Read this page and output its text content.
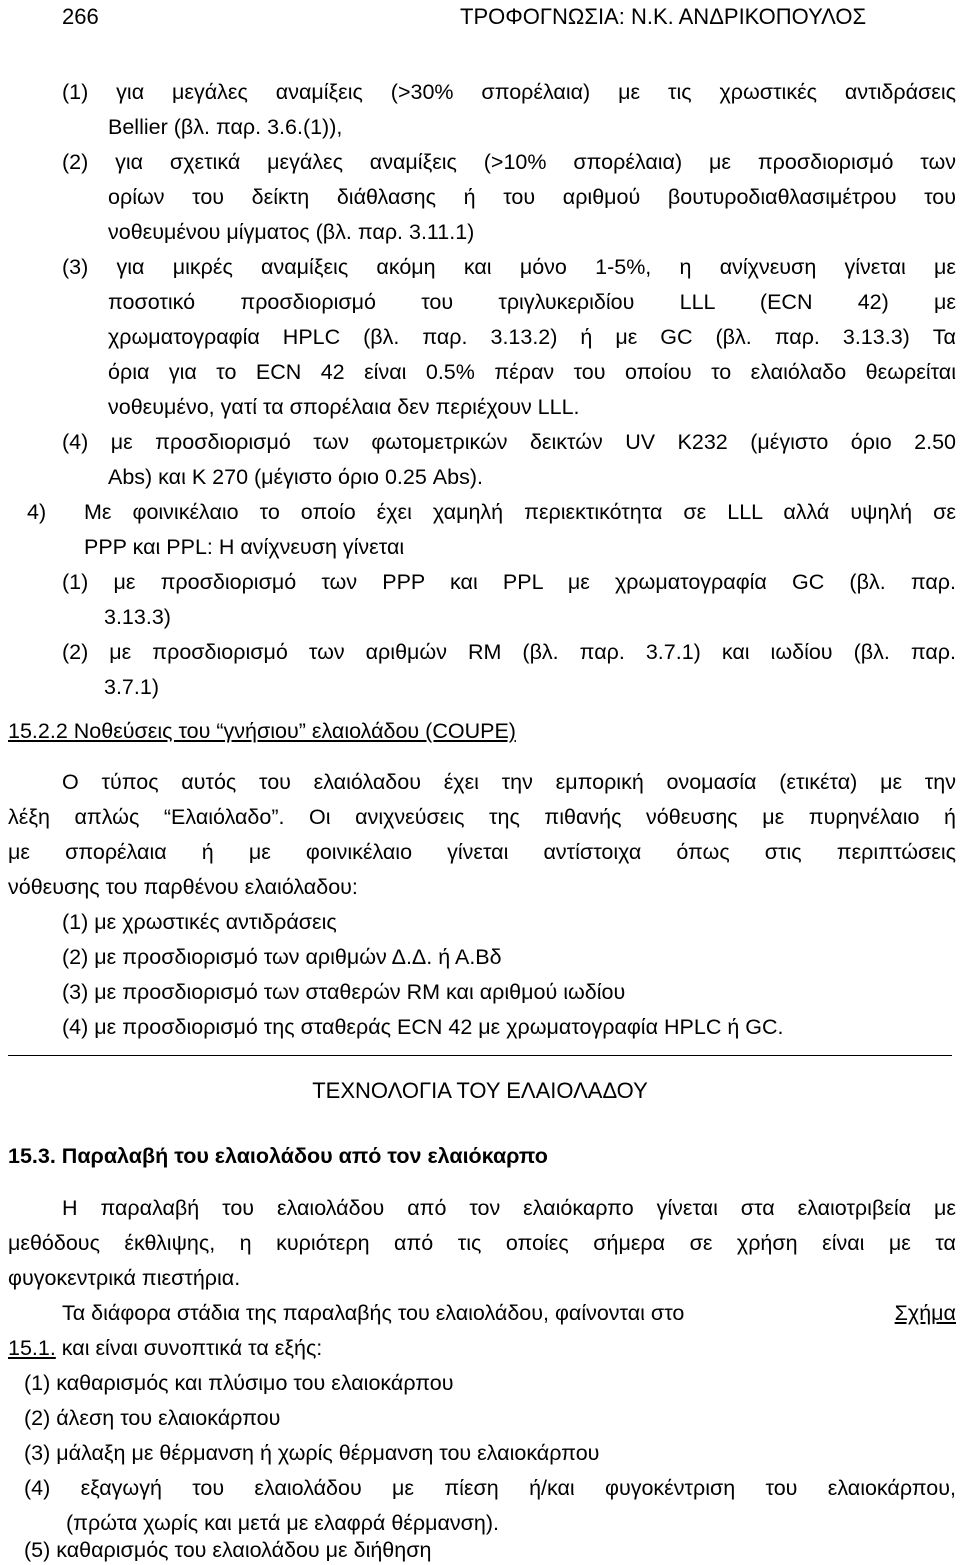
266	ΤΡΟΦΟΓΝΩΣΙΑ: Ν.Κ. ΑΝΔΡΙΚΟΠΟΥΛΟΣ
(1) για μεγάλες αναμίξεις (>30% σπορέλαια) με τις χρωστικές αντιδράσεις
Bellier (βλ. παρ. 3.6.(1)),
(2) για σχετικά μεγάλες αναμίξεις (>10% σπορέλαια) με προσδιορισμό των
ορίων του δείκτη διάθλασης ή του αριθμού βουτυροδιαθλασιμέτρου του
νοθευμένου μίγματος (βλ. παρ. 3.11.1)
(3) για μικρές αναμίξεις ακόμη και μόνο 1-5%, η ανίχνευση γίνεται με
ποσοτικό προσδιορισμό του τριγλυκεριδίου LLL (ECN 42) με
χρωματογραφία HPLC (βλ. παρ. 3.13.2) ή με GC (βλ. παρ. 3.13.3) Τα
όρια για το ECN 42 είναι 0.5% πέραν του οποίου το ελαιόλαδο θεωρείται
νοθευμένο, γατί τα σπορέλαια δεν περιέχουν LLL.
(4) με προσδιορισμό των φωτομετρικών δεικτών UV K232 (μέγιστο όριο 2.50
Abs) και K 270 (μέγιστο όριο 0.25 Abs).
4) Με φοινικέλαιο το οποίο έχει χαμηλή περιεκτικότητα σε LLL αλλά υψηλή σε
PPP και PPL: Η ανίχνευση γίνεται
(1) με προσδιορισμό των PPP και PPL με χρωματογραφία GC (βλ. παρ.
3.13.3)
(2) με προσδιορισμό των αριθμών RM (βλ. παρ. 3.7.1) και ιωδίου (βλ. παρ.
3.7.1)
15.2.2 Νοθεύσεις του “γνήσιου” ελαιολάδου (COUPE)
Ο τύπος αυτός του ελαιόλαδου έχει την εμπορική ονομασία (ετικέτα) με την
λέξη απλώς “Ελαιόλαδο”. Οι ανιχνεύσεις της πιθανής νόθευσης με πυρηνέλαιο ή
με σπορέλαια ή με φοινικέλαιο γίνεται αντίστοιχα όπως στις περιπτώσεις
νόθευσης του παρθένου ελαιόλαδου:
(1) με χρωστικές αντιδράσεις
(2) με προσδιορισμό των αριθμών Δ.Δ. ή Α.Βδ
(3) με προσδιορισμό των σταθερών RM και αριθμού ιωδίου
(4) με προσδιορισμό της σταθεράς ECN 42 με χρωματογραφία HPLC ή GC.
ΤΕΧΝΟΛΟΓΙΑ ΤΟΥ ΕΛΑΙΟΛΑΔΟΥ
15.3. Παραλαβή του ελαιολάδου από τον ελαιόκαρπο
Η παραλαβή του ελαιολάδου από τον ελαιόκαρπο γίνεται στα ελαιοτριβεία με
μεθόδους έκθλιψης, η κυριότερη από τις οποίες σήμερα σε χρήση είναι με τα
φυγοκεντρικά πιεστήρια.
Τα διάφορα στάδια της παραλαβής του ελαιολάδου, φαίνονται στο	Σχήμα
15.1. και είναι συνοπτικά τα εξής:
(1) καθαρισμός και πλύσιμο του ελαιοκάρπου
(2) άλεση του ελαιοκάρπου
(3) μάλαξη με θέρμανση ή χωρίς θέρμανση του ελαιοκάρπου
(4) εξαγωγή του ελαιολάδου με πίεση ή/και φυγοκέντριση του ελαιοκάρπου,
(πρώτα χωρίς και μετά με ελαφρά θέρμανση).
(5) καθαρισμός του ελαιολάδου με διήθηση
